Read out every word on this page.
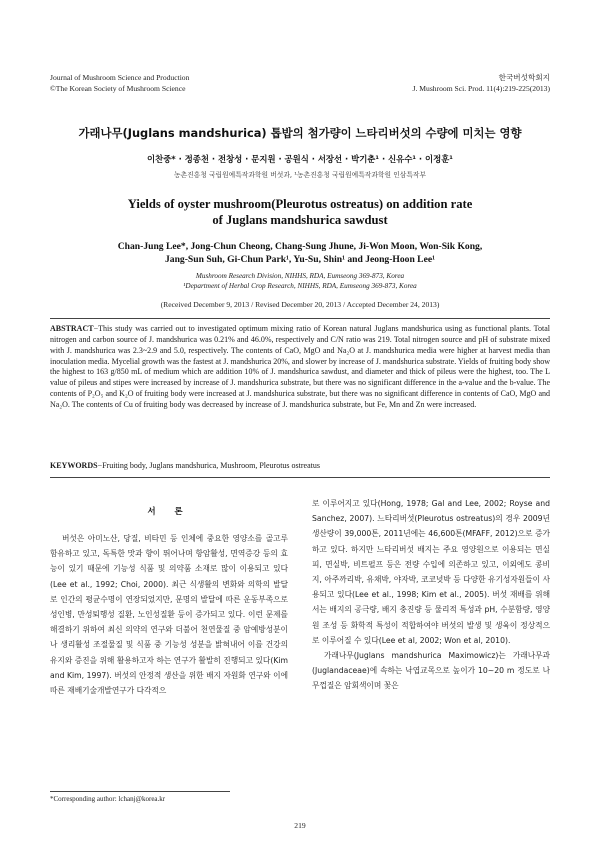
Journal of Mushroom Science and Production
©The Korean Society of Mushroom Science
한국버섯학회지
J. Mushroom Sci. Prod. 11(4):219-225(2013)
가래나무(Juglans mandshurica) 톱밥의 첨가량이 느타리버섯의 수량에 미치는 영향
이찬중* · 정종천 · 전창성 · 문지원 · 공원식 · 서장선 · 박기춘¹ · 신유수¹ · 이정훈¹
농촌진흥청 국립원예특작과학원 버섯과, ¹농촌진흥청 국립원예특작과학원 인삼특작부
Yields of oyster mushroom(Pleurotus ostreatus) on addition rate
of Juglans mandshurica sawdust
Chan-Jung Lee*, Jong-Chun Cheong, Chang-Sung Jhune, Ji-Won Moon, Won-Sik Kong,
Jang-Sun Suh, Gi-Chun Park¹, Yu-Su, Shin¹ and Jeong-Hoon Lee¹
Mushroom Research Division, NIHHS, RDA, Eumseong 369-873, Korea
¹Department of Herbal Crop Research, NIHHS, RDA, Eumseong 369-873, Korea
(Received December 9, 2013 / Revised December 20, 2013 / Accepted December 24, 2013)
ABSTRACT−This study was carried out to investigated optimum mixing ratio of Korean natural Juglans mandshurica using as functional plants. Total nitrogen and carbon source of J. mandshurica was 0.21% and 46.0%, respectively and C/N ratio was 219. Total nitrogen source and pH of substrate mixed with J. mandshurica was 2.3~2.9 and 5.0, respectively. The contents of CaO, MgO and Na₂O at J. mandshurica media were higher at harvest media than inoculation media. Mycelial growth was the fastest at J. mandshurica 20%, and slower by increase of J. mandshurica substrate. Yields of fruiting body show the highest to 163 g/850 mL of medium which are addition 10% of J. mandshurica sawdust, and diameter and thick of pileus were the highest, too. The L value of pileus and stipes were increased by increase of J. mandshurica substrate, but there was no significant difference in the a-value and the b-value. The contents of P₂O₅ and K₂O of fruiting body were increased at J. mandshurica substrate, but there was no significant difference in contents of CaO, MgO and Na₂O. The contents of Cu of fruiting body was decreased by increase of J. mandshurica substrate, but Fe, Mn and Zn were increased.
KEYWORDS−Fruiting body, Juglans mandshurica, Mushroom, Pleurotus ostreatus
서 론

버섯은 아미노산, 당질, 비타민 등 인체에 중요한 영양소를 골고루 함유하고 있고, 독특한 맛과 향이 뛰어나며 항암활성, 면역증강 등의 효능이 있기 때문에 기능성 식품 및 의약품 소재로 많이 이용되고 있다(Lee et al., 1992; Choi, 2000). 최근 식생활의 변화와 의학의 발달로 인간의 평균수명이 연장되었지만, 문명의 발달에 따른 운동부족으로 성인병, 만성퇴행성 질환, 노인성질환 등이 증가되고 있다. 이런 문제를 해결하기 위하여 최신 의약의 연구와 더불어 천연물질 중 암예방성분이나 생리활성 조절물질 및 식품 중 기능성 성분을 밝혀내어 이를 건강의 유지와 증진을 위해 활용하고자 하는 연구가 활발히 진행되고 있다(Kim and Kim, 1997). 버섯의 안정적 생산을 위한 배지 자원화 연구와 이에 따른 재배기술개발연구가 다각적으

로 이루어지고 있다(Hong, 1978; Gal and Lee, 2002; Royse and Sanchez, 2007). 느타리버섯(Pleurotus ostreatus)의 경우 2009년 생산량이 39,000톤, 2011년에는 46,600톤(MFAFF, 2012)으로 증가하고 있다. 하지만 느타리버섯 배지는 주요 영양원으로 이용되는 면실피, 면실박, 비트펄프 등은 전량 수입에 의존하고 있고, 이외에도 콩비지, 아주까리박, 유채박, 야자박, 코코넛박 등 다양한 유기성자원들이 사용되고 있다(Lee et al., 1998; Kim et al., 2005). 버섯 재배를 위해서는 배지의 공극량, 배지 충진량 등 물리적 특성과 pH, 수분함량, 영양원 조성 등 화학적 특성이 적합하여야 버섯의 발생 및 생육이 정상적으로 이루어질 수 있다(Lee et al, 2002; Won et al, 2010).

가래나무(Juglans mandshurica Maximowicz)는 가래나무과(Juglandaceae)에 속하는 낙엽교목으로 높이가 10~20 m 정도로 나무껍질은 암회색이며 꽃은

*Corresponding author: lchanj@korea.kr
219
